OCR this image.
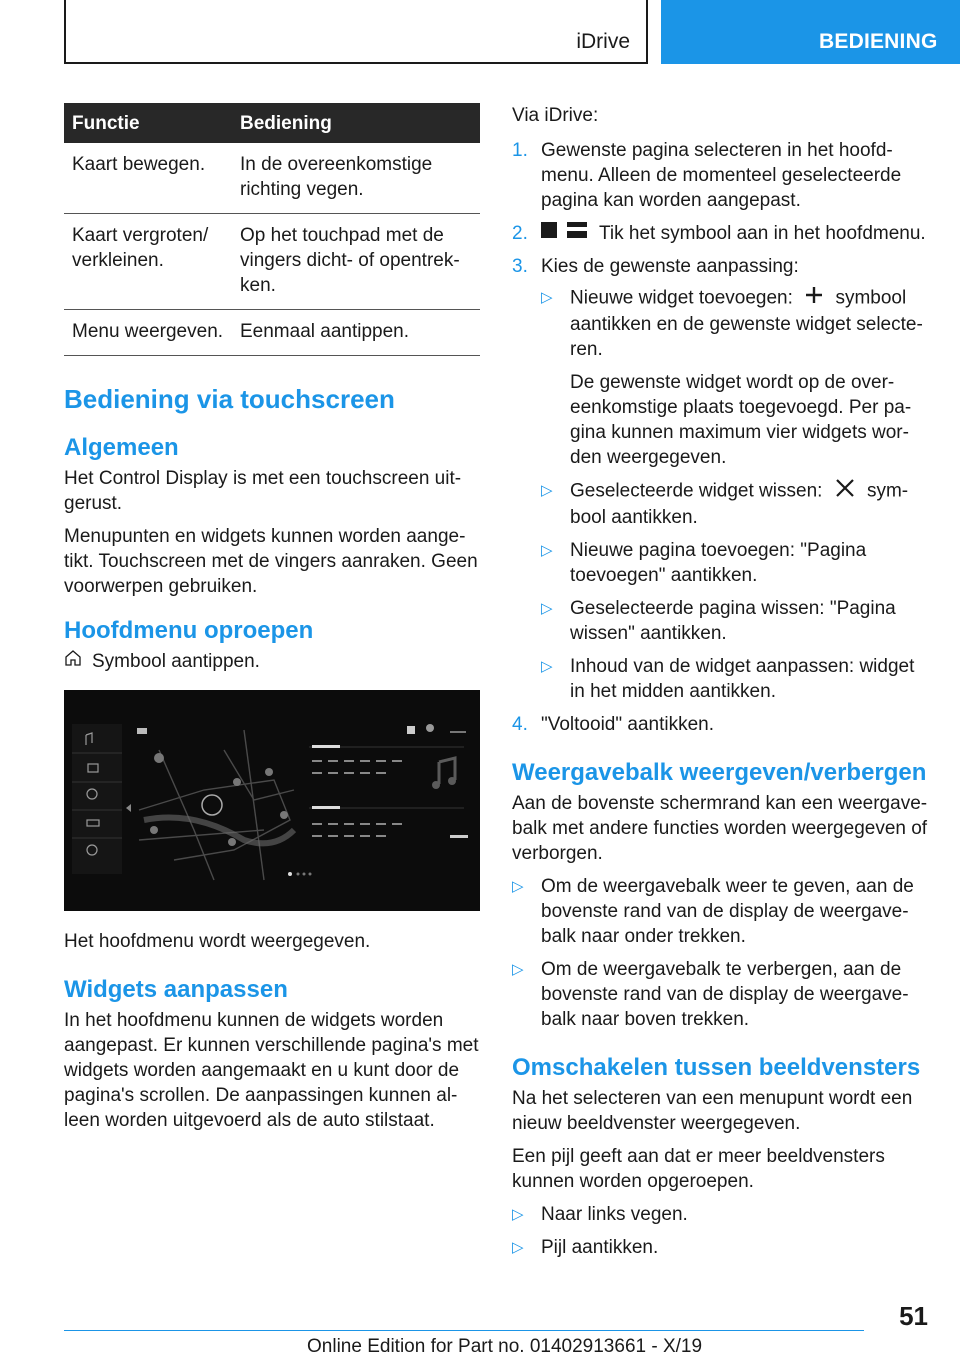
iDrive	BEDIENING
Functie	Bediening
Kaart bewegen.	In de overeenkomstige richting vegen.
Kaart vergroten/ verkleinen.	Op het touchpad met de vingers dicht- of opentrek-ken.
Menu weergeven.	Eenmaal aantippen.
Bediening via touchscreen
Algemeen

Het Control Display is met een touchscreen uit-gerust.

Menupunten en widgets kunnen worden aange-tikt. Touchscreen met de vingers aanraken. Geen voorwerpen gebruiken.

Hoofdmenu oproepen
Symbool aantippen.

Het hoofdmenu wordt weergegeven.

Widgets aanpassen

In het hoofdmenu kunnen de widgets worden aangepast. Er kunnen verschillende pagina's met widgets worden aangemaakt en u kunt door de pagina's scrollen. De aanpassingen kunnen al-leen worden uitgevoerd als de auto stilstaat.

Via iDrive:

1. Gewenste pagina selecteren in het hoofd-menu. Alleen de momenteel geselecteerde pagina kan worden aangepast.
2.	Tik het symbool aan in het hoofdmenu.
3. Kies de gewenste aanpassing:
▷ Nieuwe widget toevoegen: symbool aantikken en de gewenste widget selecte-ren.
De gewenste widget wordt op de over-eenkomstige plaats toegevoegd. Per pa-gina kunnen maximum vier widgets wor-den weergegeven.
▷ Geselecteerde widget wissen: sym-bool aantikken.
▷ Nieuwe pagina toevoegen: "Pagina toevoegen" aantikken.
▷ Geselecteerde pagina wissen: "Pagina wissen" aantikken.
▷ Inhoud van de widget aanpassen: widget in het midden aantikken.
4. "Voltooid" aantikken.
Weergavebalk weergeven/verbergen

Aan de bovenste schermrand kan een weergave-balk met andere functies worden weergegeven of verborgen.

▷ Om de weergavebalk weer te geven, aan de bovenste rand van de display de weergave-balk naar onder trekken.
▷ Om de weergavebalk te verbergen, aan de bovenste rand van de display de weergave-balk naar boven trekken.
Omschakelen tussen beeldvensters

Na het selecteren van een menupunt wordt een nieuw beeldvenster weergegeven.

Een pijl geeft aan dat er meer beeldvensters kunnen worden opgeroepen.

▷ Naar links vegen.
▷ Pijl aantikken.
51
Online Edition for Part no. 01402913661 - X/19
